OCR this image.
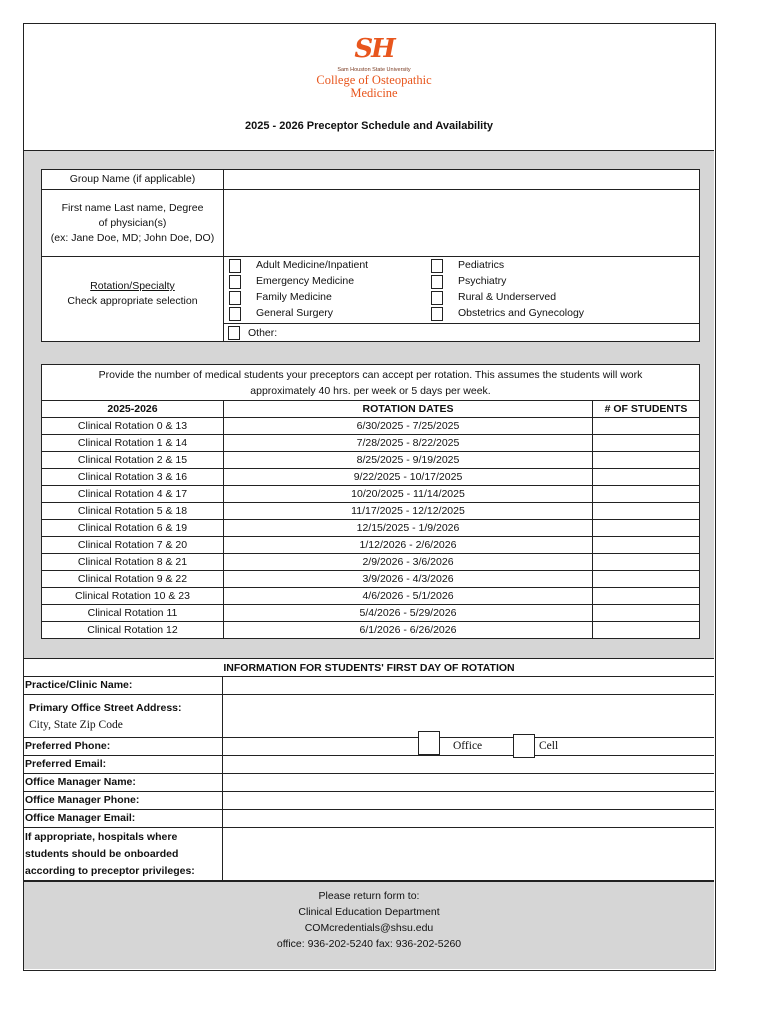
SH
Sam Houston State University
College of Osteopathic
Medicine
2025 - 2026 Preceptor Schedule and Availability
Group Name (if applicable)
First name Last name, Degree
of physician(s)
(ex: Jane Doe, MD; John Doe, DO)
Rotation/Specialty
Check appropriate selection
Adult Medicine/Inpatient
Emergency Medicine
Family Medicine
General Surgery
Pediatrics
Psychiatry
Rural & Underserved
Obstetrics and Gynecology
Other:
Provide the number of medical students your preceptors can accept per rotation. This assumes the students will work approximately 40 hrs. per week or 5 days per week.
2025-2026	ROTATION DATES	# OF STUDENTS
Clinical Rotation 0 & 13	6/30/2025 - 7/25/2025
Clinical Rotation 1 & 14	7/28/2025 - 8/22/2025
Clinical Rotation 2 & 15	8/25/2025 - 9/19/2025
Clinical Rotation 3 & 16	9/22/2025 - 10/17/2025
Clinical Rotation 4 & 17	10/20/2025 - 11/14/2025
Clinical Rotation 5 & 18	11/17/2025 - 12/12/2025
Clinical Rotation 6 & 19	12/15/2025 - 1/9/2026
Clinical Rotation 7 & 20	1/12/2026 - 2/6/2026
Clinical Rotation 8 & 21	2/9/2026 - 3/6/2026
Clinical Rotation 9 & 22	3/9/2026 - 4/3/2026
Clinical Rotation 10 & 23	4/6/2026 - 5/1/2026
Clinical Rotation 11	5/4/2026 - 5/29/2026
Clinical Rotation 12	6/1/2026 - 6/26/2026
INFORMATION FOR STUDENTS' FIRST DAY OF ROTATION
Practice/Clinic Name:
Primary Office Street Address:
City, State Zip Code
Preferred Phone:	Office	Cell
Preferred Email:
Office Manager Name:
Office Manager Phone:
Office Manager Email:
If appropriate, hospitals where
students should be onboarded
according to preceptor privileges:
Please return form to:
Clinical Education Department
COMcredentials@shsu.edu
office: 936-202-5240 fax: 936-202-5260
